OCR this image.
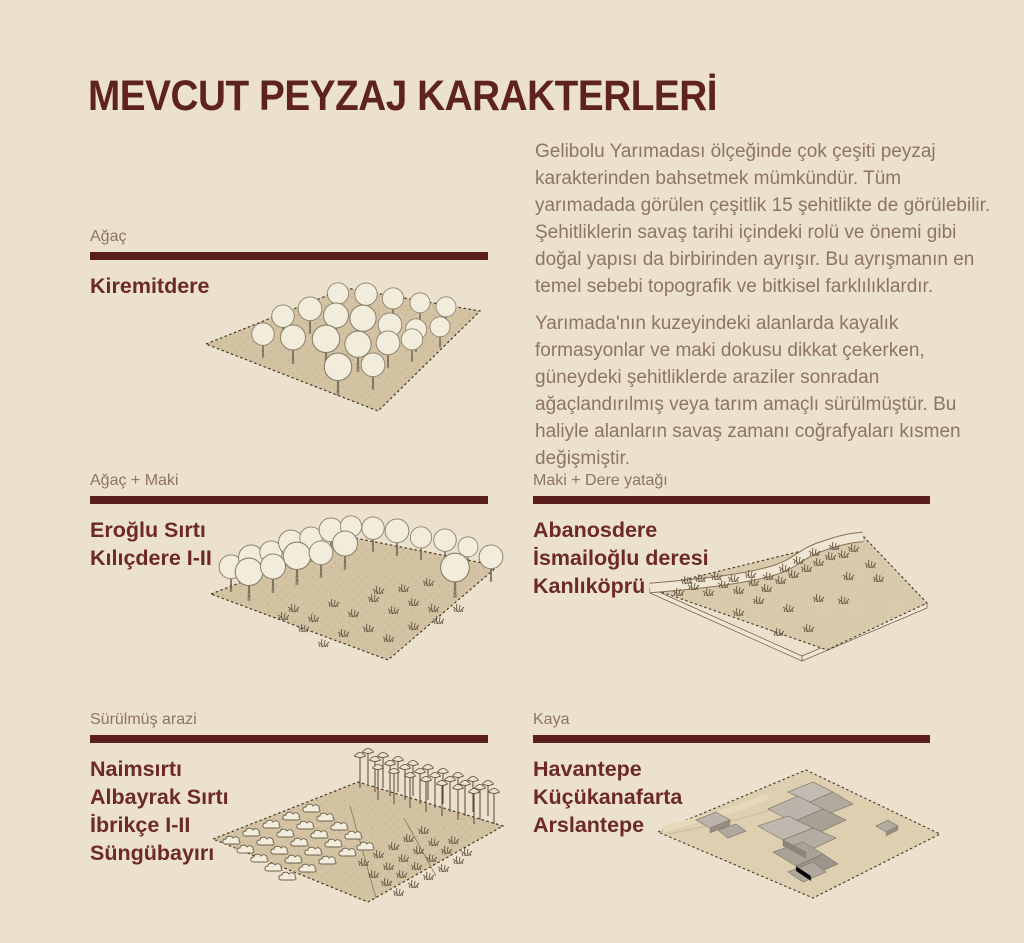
MEVCUT PEYZAJ KARAKTERLERİ

Gelibolu Yarımadası ölçeğinde çok çeşiti peyzaj karakterinden bahsetmek mümkündür. Tüm yarımadada görülen çeşitlik 15 şehitlikte de görülebilir. Şehitliklerin savaş tarihi içindeki rolü ve önemi gibi doğal yapısı da birbirinden ayrışır. Bu ayrışmanın en temel sebebi topografik ve bitkisel farklılıklardır.

Yarımada'nın kuzeyindeki alanlarda kayalık formasyonlar ve maki dokusu dikkat çekerken, güneydeki şehitliklerde araziler sonradan ağaçlandırılmış veya tarım amaçlı sürülmüştür. Bu haliyle alanların savaş zamanı coğrafyaları kısmen değişmiştir.

Ağaç
Kiremitdere
Ağaç + Maki
Eroğlu Sırtı
Kılıçdere I-II
Maki + Dere yatağı
Abanosdere
İsmailoğlu deresi
Kanlıköprü
Sürülmüş arazi
Naimsırtı
Albayrak Sırtı
İbrikçe I-II
Süngübayırı
Kaya
Havantepe
Küçükanafarta
Arslantepe
